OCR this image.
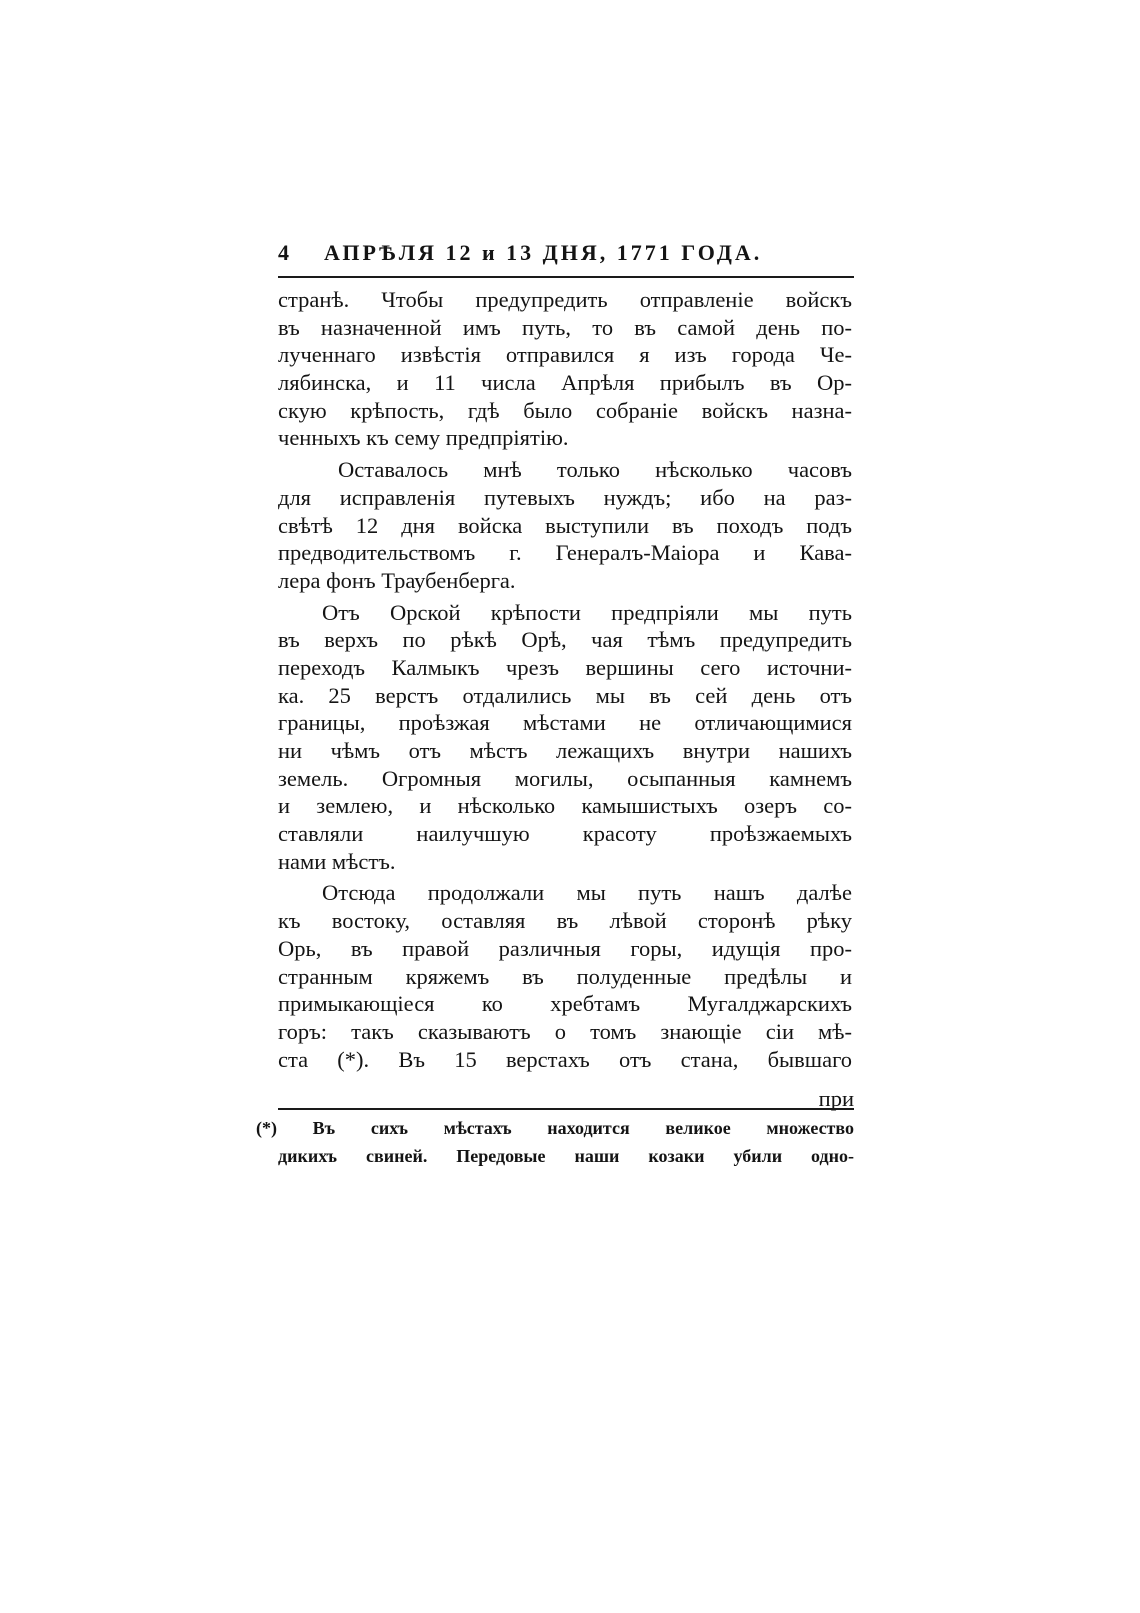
4 АПРѢЛЯ 12 и 13 ДНЯ, 1771 ГОДА.
странѣ. Чтобы предупредить отправленіе войскъ
въ назначенной имъ путь, то въ самой день по-
лученнаго извѣстія отправился я изъ города Че-
лябинска, и 11 числа Апрѣля прибылъ въ Ор-
скую крѣпость, гдѣ было собраніе войскъ назна-
ченныхъ къ сему предпріятію.
Оставалось мнѣ только нѣсколько часовъ
для исправленія путевыхъ нуждъ; ибо на раз-
свѣтѣ 12 дня войска выступили въ походъ подъ
предводительствомъ г. Генералъ-Маіора и Кава-
лера фонъ Траубенберга.
Отъ Орской крѣпости предпріяли мы путь
въ верхъ по рѣкѣ Орѣ, чая тѣмъ предупредить
переходъ Калмыкъ чрезъ вершины сего источни-
ка. 25 верстъ отдалились мы въ сей день отъ
границы, проѣзжая мѣстами не отличающимися
ни чѣмъ отъ мѣстъ лежащихъ внутри нашихъ
земель. Огромныя могилы, осыпанныя камнемъ
и землею, и нѣсколько камышистыхъ озеръ со-
ставляли наилучшую красоту проѣзжаемыхъ
нами мѣстъ.
Отсюда продолжали мы путь нашъ далѣе
къ востоку, оставляя въ лѣвой сторонѣ рѣку
Орь, въ правой различныя горы, идущія про-
странным кряжемъ въ полуденные предѣлы и
примыкающіеся ко хребтамъ Мугалджарскихъ
горъ: такъ сказываютъ о томъ знающіе сіи мѣ-
ста (*). Въ 15 верстахъ отъ стана, бывшаго
при
(*) Въ сихъ мѣстахъ находится великое множество
дикихъ свиней. Передовые наши козаки убили одно-
